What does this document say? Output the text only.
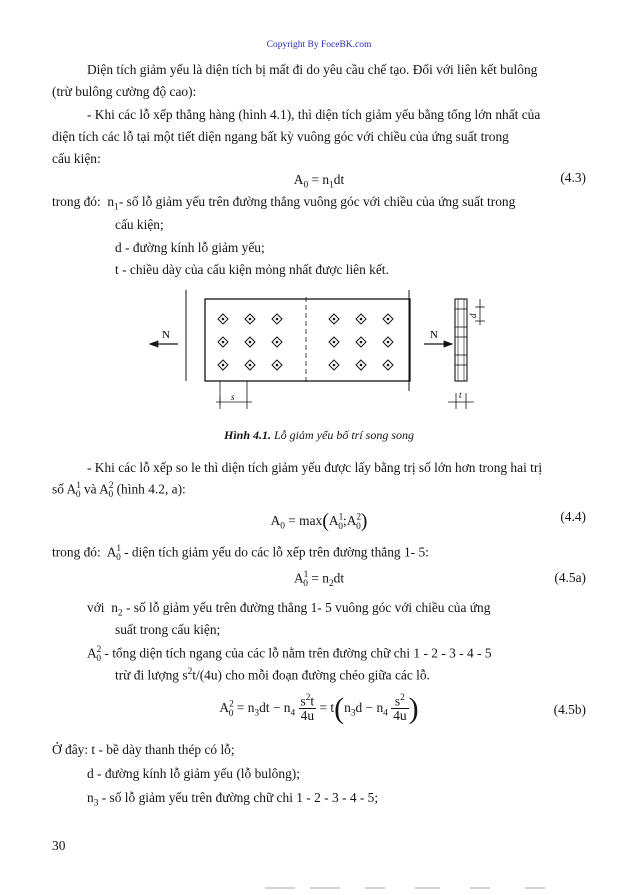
Copyright By FoceBK.com
Diện tích giảm yếu là diện tích bị mất đi do yêu cầu chế tạo. Đối với liên kết bulông
(trừ bulông cường độ cao):
- Khi các lỗ xếp thẳng hàng (hình 4.1), thì diện tích giảm yếu bằng tổng lớn nhất của
diện tích các lỗ tại một tiết diện ngang bất kỳ vuông góc với chiều của ứng suất trong
cấu kiện:
$A_0 = n_1dt$	(4.3)
trong đó:  $n_1-$ số lỗ giảm yếu trên đường thẳng vuông góc với chiều của ứng suất trong
cấu kiện;
d - đường kính lỗ giảm yếu;
t - chiều dày của cấu kiện mỏng nhất được liên kết.
N	N
s
d
t
Hình 4.1. Lỗ giảm yếu bố trí song song
- Khi các lỗ xếp so le thì diện tích giảm yếu được lấy bằng trị số lớn hơn trong hai trị
số $A^1_0$ và $A^2_0$ (hình 4.2, a):
$A_0$ = $\max(A^1_0;A^2_0)$	(4.4)
trong đó:  $A^1_0$ - diện tích giảm yếu do các lỗ xếp trên đường thẳng 1- 5:
$A^1_0 = n_2dt$	(4.5a)
với  $n_2$ - số lỗ giảm yếu trên đường thẳng 1- 5 vuông góc với chiều của ứng
suất trong cấu kiện;
$A^2_0$ - tổng diện tích ngang của các lỗ nằm trên đường chữ chi 1 - 2 - 3 - 4 - 5
trừ đi lượng $s^2t/(4u)$ cho mỗi đoạn đường chéo giữa các lỗ.
$A^2_0 = n_3dt - n_4 \frac{s^2t}{4u} = t(n_3d - n_4 \frac{s^2}{4u}$ )	(4.5b)
Ở đây: t - bề dày thanh thép có lỗ;
d - đường kính lỗ giảm yếu (lỗ bulông);
$n_3$ - số lỗ giảm yếu trên đường chữ chi 1 - 2 - 3 - 4 - 5;
30
